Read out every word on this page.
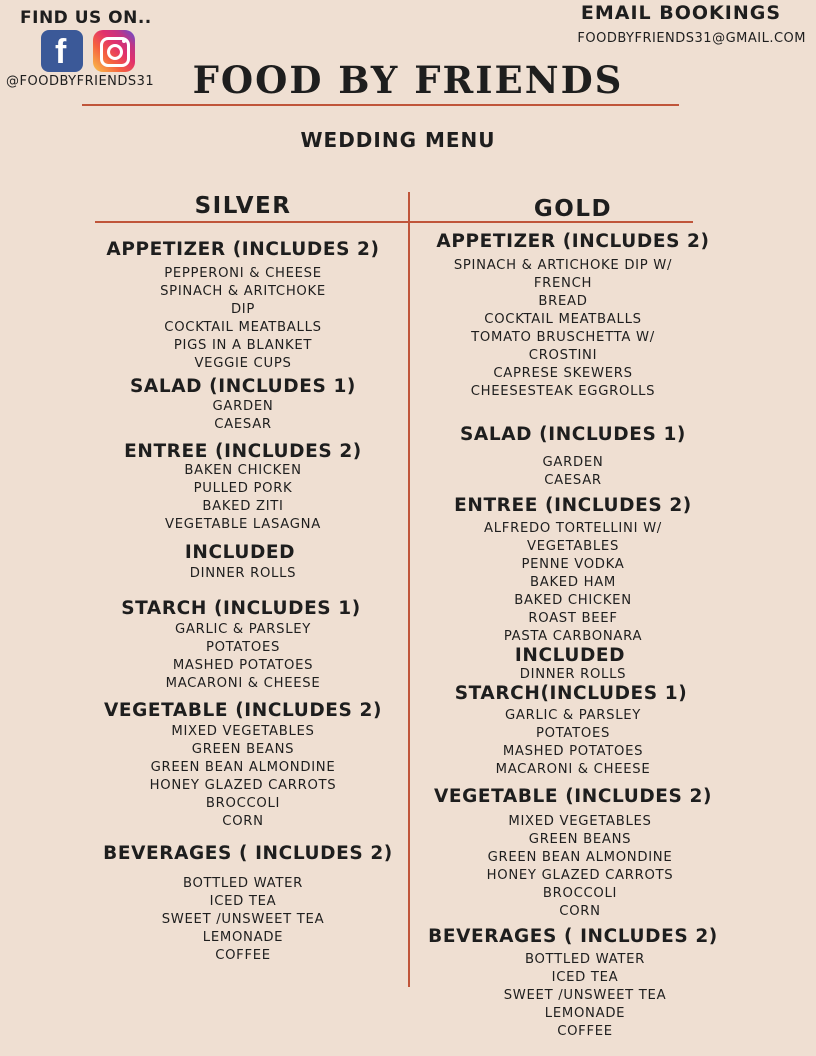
FIND US ON..
f
@FOODBYFRIENDS31
EMAIL BOOKINGS
FOODBYFRIENDS31@GMAIL.COM
FOOD BY FRIENDS
WEDDING MENU
SILVER	GOLD
APPETIZER (INCLUDES 2)
PEPPERONI & CHEESE
SPINACH & ARITCHOKE
DIP
COCKTAIL MEATBALLS
PIGS IN A BLANKET
VEGGIE CUPS
SALAD (INCLUDES 1)
GARDEN
CAESAR
ENTREE (INCLUDES 2)
BAKEN CHICKEN
PULLED PORK
BAKED ZITI
VEGETABLE LASAGNA
INCLUDED
DINNER ROLLS
STARCH (INCLUDES 1)
GARLIC & PARSLEY
POTATOES
MASHED POTATOES
MACARONI & CHEESE
VEGETABLE (INCLUDES 2)
MIXED VEGETABLES
GREEN BEANS
GREEN BEAN ALMONDINE
HONEY GLAZED CARROTS
BROCCOLI
CORN
BEVERAGES ( INCLUDES 2)
BOTTLED WATER
ICED TEA
SWEET /UNSWEET TEA
LEMONADE
COFFEE
APPETIZER (INCLUDES 2)
SPINACH & ARTICHOKE DIP W/
FRENCH
BREAD
COCKTAIL MEATBALLS
TOMATO BRUSCHETTA W/
CROSTINI
CAPRESE SKEWERS
CHEESESTEAK EGGROLLS
SALAD (INCLUDES 1)
GARDEN
CAESAR
ENTREE (INCLUDES 2)
ALFREDO TORTELLINI W/
VEGETABLES
PENNE VODKA
BAKED HAM
BAKED CHICKEN
ROAST BEEF
PASTA CARBONARA
INCLUDED
DINNER ROLLS
STARCH(INCLUDES 1)
GARLIC & PARSLEY
POTATOES
MASHED POTATOES
MACARONI & CHEESE
VEGETABLE (INCLUDES 2)
MIXED VEGETABLES
GREEN BEANS
GREEN BEAN ALMONDINE
HONEY GLAZED CARROTS
BROCCOLI
CORN
BEVERAGES ( INCLUDES 2)
BOTTLED WATER
ICED TEA
SWEET /UNSWEET TEA
LEMONADE
COFFEE
